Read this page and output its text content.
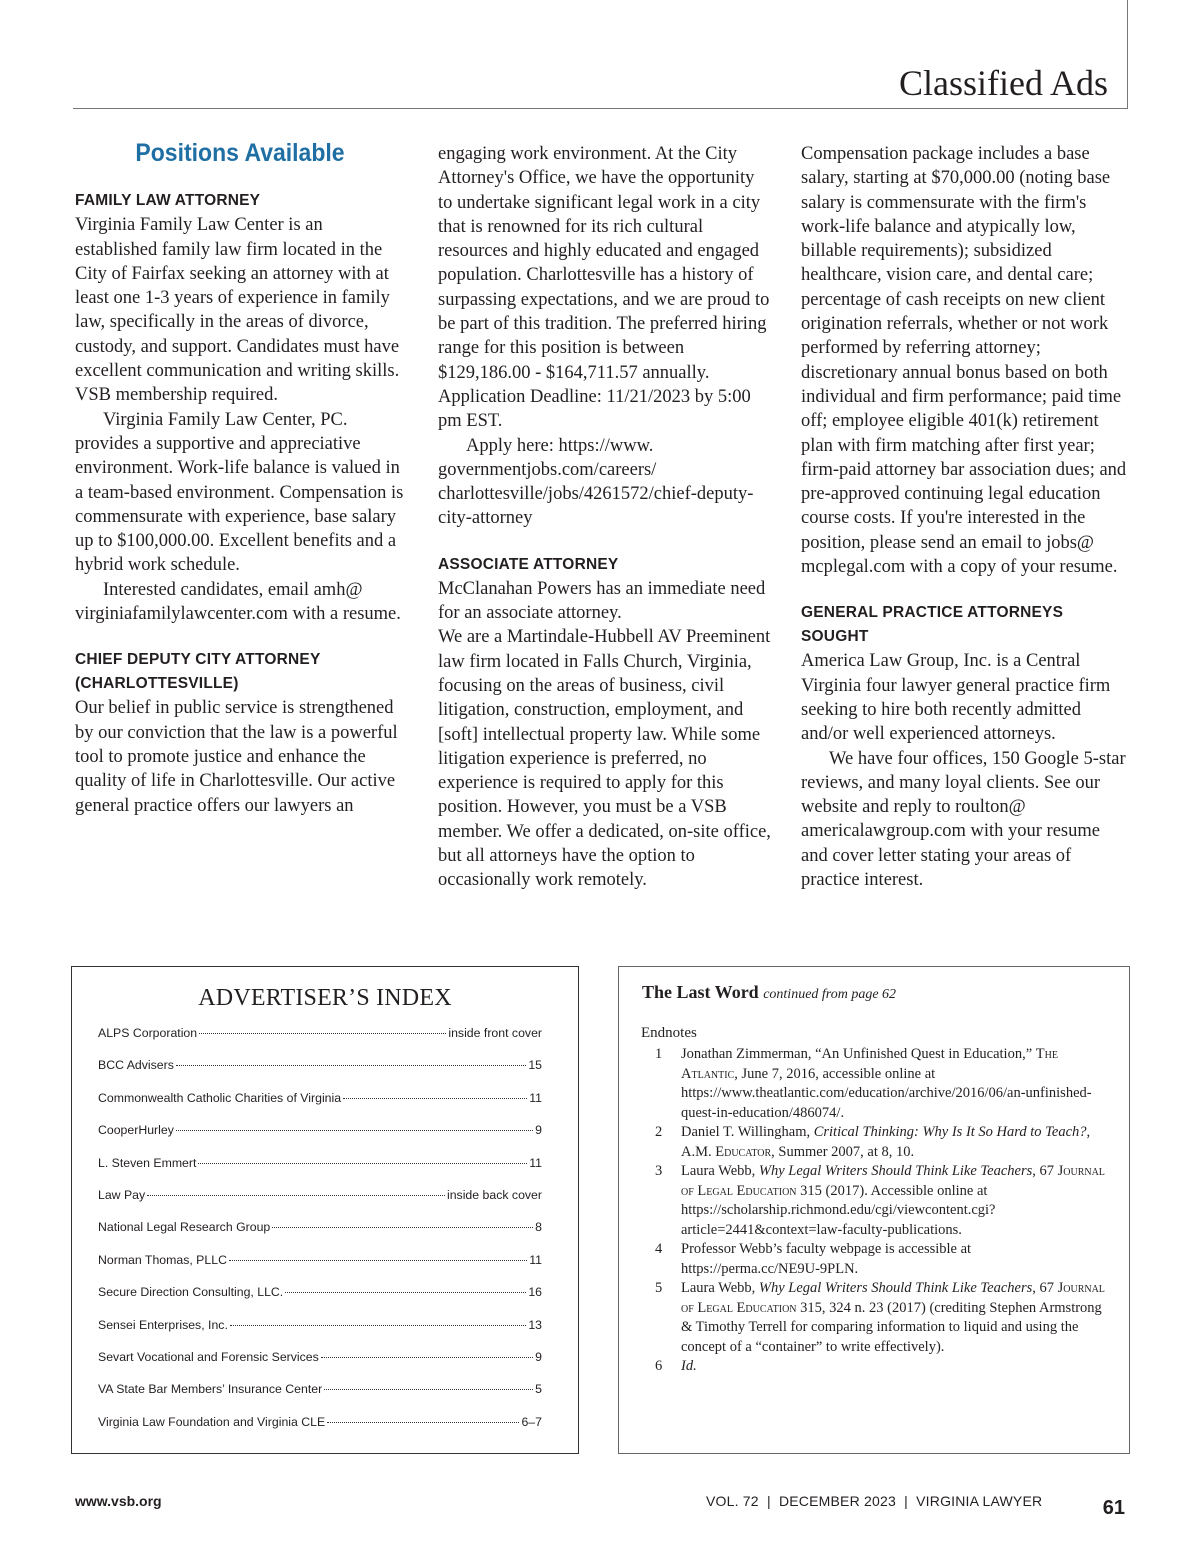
Classified Ads
Positions Available
FAMILY LAW ATTORNEY

Virginia Family Law Center is an established family law firm located in the City of Fairfax seeking an attorney with at least one 1-3 years of experience in family law, specifically in the areas of divorce, custody, and support. Candidates must have excellent communication and writing skills. VSB membership required.

Virginia Family Law Center, PC. provides a supportive and appreciative environment. Work-life balance is valued in a team-based environment. Compensation is commensurate with experience, base salary up to $100,000.00. Excellent benefits and a hybrid work schedule.

Interested candidates, email amh@ virginiafamilylawcenter.com with a resume.

CHIEF DEPUTY CITY ATTORNEY
(CHARLOTTESVILLE)

Our belief in public service is strengthened by our conviction that the law is a powerful tool to promote justice and enhance the quality of life in Charlottesville. Our active general practice offers our lawyers an

engaging work environment. At the City Attorney's Office, we have the opportunity to undertake significant legal work in a city that is renowned for its rich cultural resources and highly educated and engaged population. Charlottesville has a history of surpassing expectations, and we are proud to be part of this tradition. The preferred hiring range for this position is between $129,186.00 - $164,711.57 annually. Application Deadline: 11/21/2023 by 5:00 pm EST.

Apply here: https://www. governmentjobs.com/careers/ charlottesville/jobs/4261572/chief-deputy-city-attorney

ASSOCIATE ATTORNEY

McClanahan Powers has an immediate need for an associate attorney.

We are a Martindale-Hubbell AV Preeminent law firm located in Falls Church, Virginia, focusing on the areas of business, civil litigation, construction, employment, and [soft] intellectual property law. While some litigation experience is preferred, no experience is required to apply for this position. However, you must be a VSB member. We offer a dedicated, on-site office, but all attorneys have the option to occasionally work remotely.

Compensation package includes a base salary, starting at $70,000.00 (noting base salary is commensurate with the firm's work-life balance and atypically low, billable requirements); subsidized healthcare, vision care, and dental care; percentage of cash receipts on new client origination referrals, whether or not work performed by referring attorney; discretionary annual bonus based on both individual and firm performance; paid time off; employee eligible 401(k) retirement plan with firm matching after first year; firm-paid attorney bar association dues; and pre-approved continuing legal education course costs. If you're interested in the position, please send an email to jobs@ mcplegal.com with a copy of your resume.

GENERAL PRACTICE ATTORNEYS SOUGHT

America Law Group, Inc. is a Central Virginia four lawyer general practice firm seeking to hire both recently admitted and/or well experienced attorneys.

We have four offices, 150 Google 5-star reviews, and many loyal clients. See our website and reply to roulton@ americalawgroup.com with your resume and cover letter stating your areas of practice interest.

ADVERTISER’S INDEX
ALPS Corporation	inside front cover
BCC Advisers	15
Commonwealth Catholic Charities of Virginia	11
CooperHurley	9
L. Steven Emmert	11
Law Pay	inside back cover
National Legal Research Group	8
Norman Thomas, PLLC	11
Secure Direction Consulting, LLC.	16
Sensei Enterprises, Inc.	13
Sevart Vocational and Forensic Services	9
VA State Bar Members’ Insurance Center	5
Virginia Law Foundation and Virginia CLE	6–7
The Last Word continued from page 62
Endnotes
1	Jonathan Zimmerman, “An Unfinished Quest in Education,” The Atlantic, June 7, 2016, accessible online at https://www.theatlantic.com/education/archive/2016/06/an-unfinished-quest-in-education/486074/.
2	Daniel T. Willingham, Critical Thinking: Why Is It So Hard to Teach?, A.M. Educator, Summer 2007, at 8, 10.
3	Laura Webb, Why Legal Writers Should Think Like Teachers, 67 Journal of Legal Education 315 (2017). Accessible online at https://scholarship.richmond.edu/cgi/viewcontent.cgi?article=2441&context=law-faculty-publications.
4	Professor Webb’s faculty webpage is accessible at https://perma.cc/NE9U-9PLN.
5	Laura Webb, Why Legal Writers Should Think Like Teachers, 67 Journal of Legal Education 315, 324 n. 23 (2017) (crediting Stephen Armstrong & Timothy Terrell for comparing information to liquid and using the concept of a “container” to write effectively).
6	Id.
www.vsb.org	VOL. 72  |  DECEMBER 2023  |  VIRGINIA LAWYER	61
